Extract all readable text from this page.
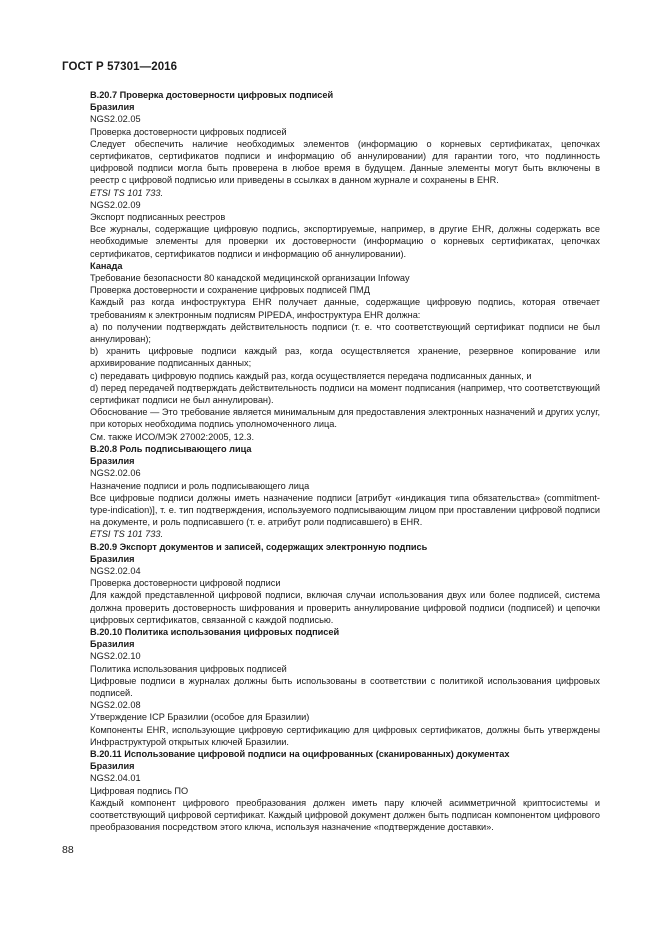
ГОСТ Р 57301—2016

B.20.7 Проверка достоверности цифровых подписей

Бразилия

NGS2.02.05

Проверка достоверности цифровых подписей

Следует обеспечить наличие необходимых элементов (информацию о корневых сертификатах, цепочках сертификатов, сертификатов подписи и информацию об аннулировании) для гарантии того, что подлинность цифровой подписи могла быть проверена в любое время в будущем. Данные элементы могут быть включены в реестр с цифровой подписью или приведены в ссылках в данном журнале и сохранены в EHR.

ETSI TS 101 733.

NGS2.02.09

Экспорт подписанных реестров

Все журналы, содержащие цифровую подпись, экспортируемые, например, в другие EHR, должны содержать все необходимые элементы для проверки их достоверности (информацию о корневых сертификатах, цепочках сертификатов, сертификатов подписи и информацию об аннулировании).

Канада

Требование безопасности 80 канадской медицинской организации Infoway

Проверка достоверности и сохранение цифровых подписей ПМД

Каждый раз когда инфоструктура EHR получает данные, содержащие цифровую подпись, которая отвечает требованиям к электронным подписям PIPEDA, инфоструктура EHR должна:

a) по получении подтверждать действительность подписи (т. е. что соответствующий сертификат подписи не был аннулирован);

b) хранить цифровые подписи каждый раз, когда осуществляется хранение, резервное копирование или архивирование подписанных данных;

c) передавать цифровую подпись каждый раз, когда осуществляется передача подписанных данных, и

d) перед передачей подтверждать действительность подписи на момент подписания (например, что соответствующий сертификат подписи не был аннулирован).

Обоснование — Это требование является минимальным для предоставления электронных назначений и других услуг, при которых необходима подпись уполномоченного лица.

См. также ИСО/МЭК 27002:2005, 12.3.

B.20.8 Роль подписывающего лица

Бразилия

NGS2.02.06

Назначение подписи и роль подписывающего лица

Все цифровые подписи должны иметь назначение подписи [атрибут «индикация типа обязательства» (commitment-type-indication)], т. е. тип подтверждения, используемого подписывающим лицом при проставлении цифровой подписи на документе, и роль подписавшего (т. е. атрибут роли подписавшего) в EHR.

ETSI TS 101 733.

B.20.9 Экспорт документов и записей, содержащих электронную подпись

Бразилия

NGS2.02.04

Проверка достоверности цифровой подписи

Для каждой представленной цифровой подписи, включая случаи использования двух или более подписей, система должна проверить достоверность шифрования и проверить аннулирование цифровой подписи (подписей) и цепочки цифровых сертификатов, связанной с каждой подписью.

B.20.10 Политика использования цифровых подписей

Бразилия

NGS2.02.10

Политика использования цифровых подписей

Цифровые подписи в журналах должны быть использованы в соответствии с политикой использования цифровых подписей.

NGS2.02.08

Утверждение ICP Бразилии (особое для Бразилии)

Компоненты EHR, использующие цифровую сертификацию для цифровых сертификатов, должны быть утверждены Инфраструктурой открытых ключей Бразилии.

B.20.11 Использование цифровой подписи на оцифрованных (сканированных) документах

Бразилия

NGS2.04.01

Цифровая подпись ПО

Каждый компонент цифрового преобразования должен иметь пару ключей асимметричной криптосистемы и соответствующий цифровой сертификат. Каждый цифровой документ должен быть подписан компонентом цифрового преобразования посредством этого ключа, используя назначение «подтверждение доставки».

88
